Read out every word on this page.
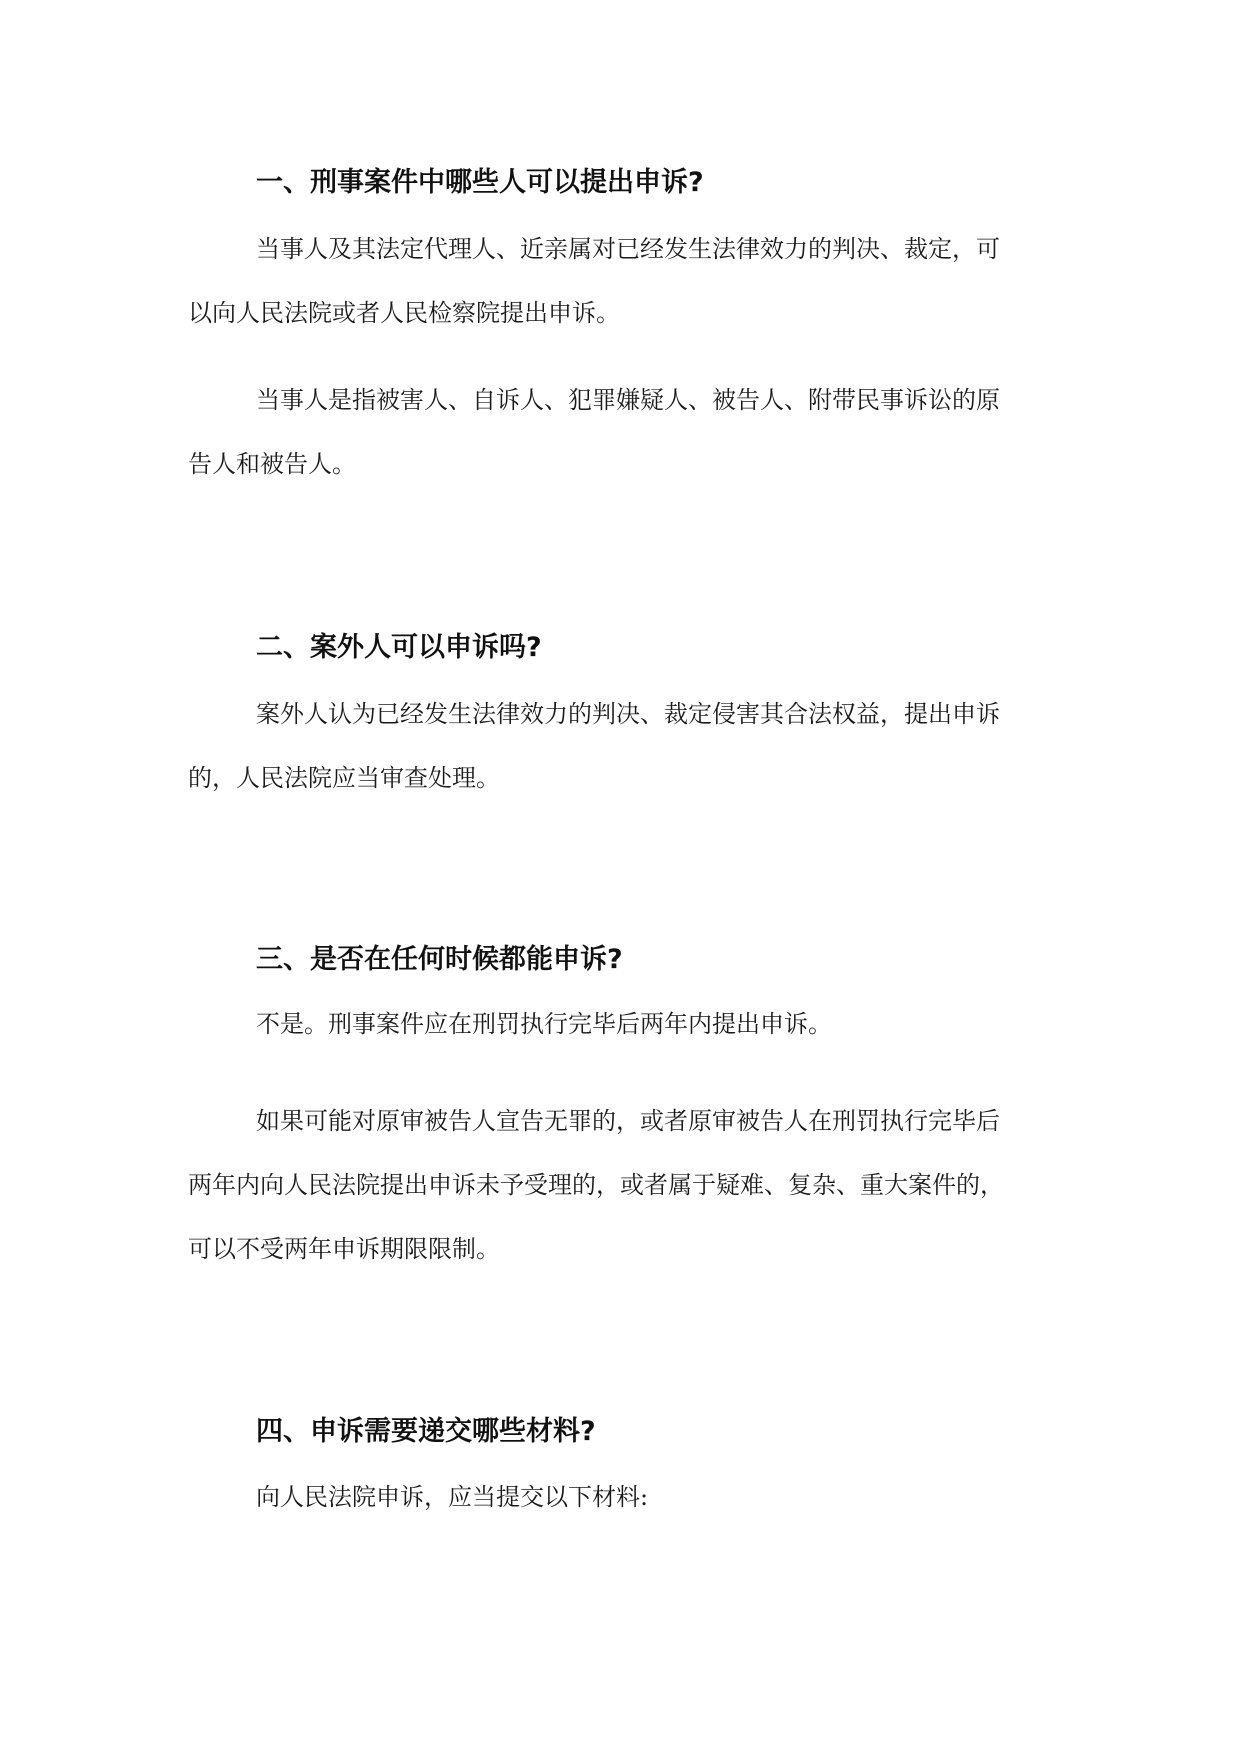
一、刑事案件中哪些人可以提出申诉?

当事人及其法定代理人、近亲属对已经发生法律效力的判决、裁定，可
以向人民法院或者人民检察院提出申诉。

当事人是指被害人、自诉人、犯罪嫌疑人、被告人、附带民事诉讼的原
告人和被告人。

二、案外人可以申诉吗?

案外人认为已经发生法律效力的判决、裁定侵害其合法权益，提出申诉
的，人民法院应当审查处理。

三、是否在任何时候都能申诉?

不是。刑事案件应在刑罚执行完毕后两年内提出申诉。

如果可能对原审被告人宣告无罪的，或者原审被告人在刑罚执行完毕后
两年内向人民法院提出申诉未予受理的，或者属于疑难、复杂、重大案件的，
可以不受两年申诉期限限制。

四、申诉需要递交哪些材料?

向人民法院申诉，应当提交以下材料:
